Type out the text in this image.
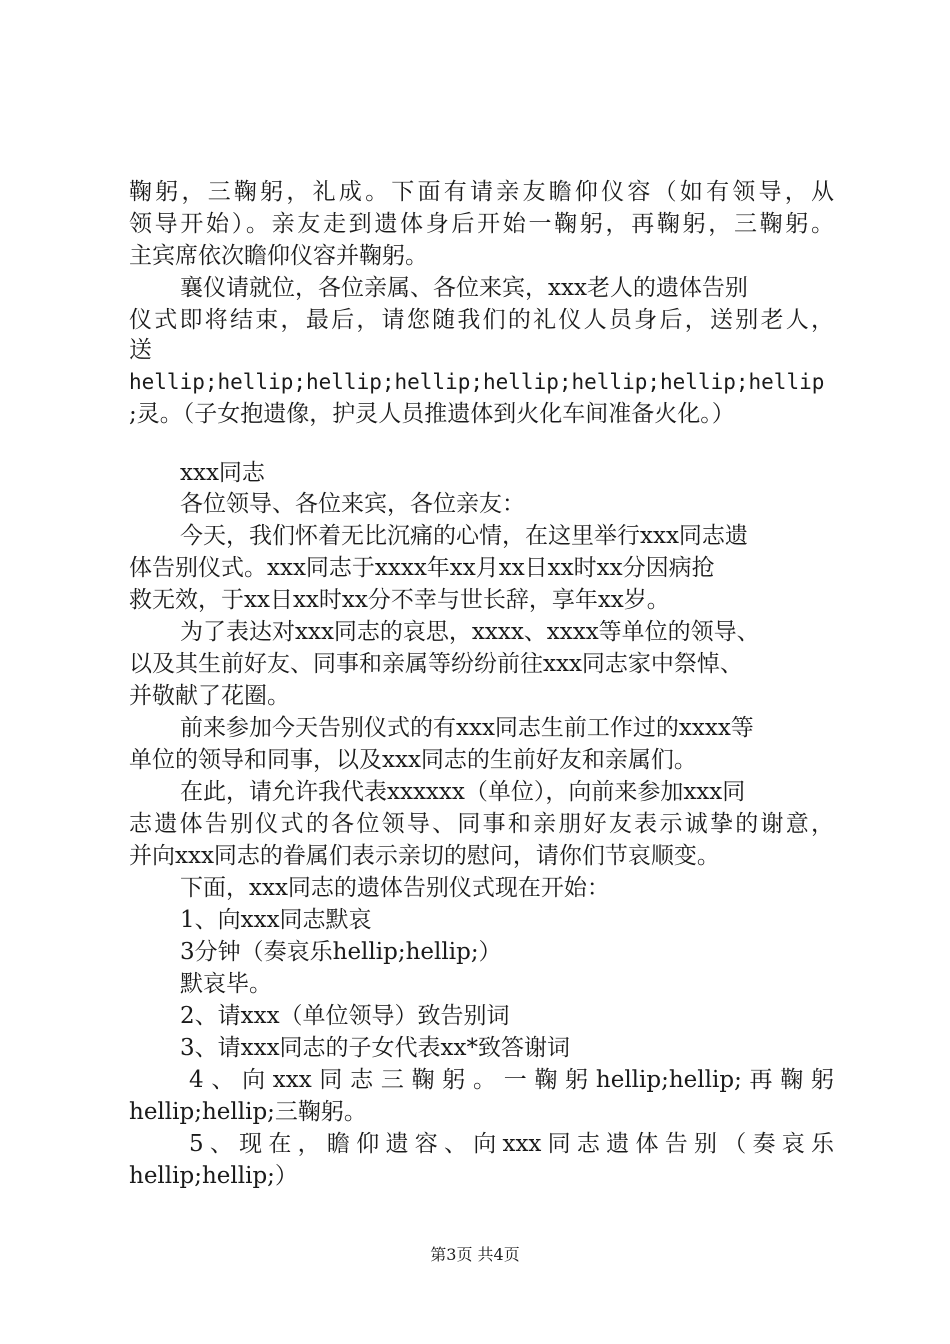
鞠躬，三鞠躬，礼成。下面有请亲友瞻仰仪容（如有领导，从
领导开始）。亲友走到遗体身后开始一鞠躬，再鞠躬，三鞠躬。
主宾席依次瞻仰仪容并鞠躬。
襄仪请就位，各位亲属、各位来宾，xxx老人的遗体告别
仪式即将结束，最后，请您随我们的礼仪人员身后，送别老人，
送
hellip;hellip;hellip;hellip;hellip;hellip;hellip;hellip
;灵。（子女抱遗像，护灵人员推遗体到火化车间准备火化。）
xxx同志
各位领导、各位来宾，各位亲友：
今天，我们怀着无比沉痛的心情，在这里举行xxx同志遗
体告别仪式。xxx同志于xxxx年xx月xx日xx时xx分因病抢
救无效，于xx日xx时xx分不幸与世长辞，享年xx岁。
为了表达对xxx同志的哀思，xxxx、xxxx等单位的领导、
以及其生前好友、同事和亲属等纷纷前往xxx同志家中祭悼、
并敬献了花圈。
前来参加今天告别仪式的有xxx同志生前工作过的xxxx等
单位的领导和同事，以及xxx同志的生前好友和亲属们。
在此，请允许我代表xxxxxx（单位），向前来参加xxx同
志遗体告别仪式的各位领导、同事和亲朋好友表示诚挚的谢意，
并向xxx同志的眷属们表示亲切的慰问，请你们节哀顺变。
下面，xxx同志的遗体告别仪式现在开始：
1、向xxx同志默哀
3分钟（奏哀乐hellip;hellip;）
默哀毕。
2、请xxx（单位领导）致告别词
3、请xxx同志的子女代表xx*致答谢词
4、向xxx同志三鞠躬。一鞠躬hellip;hellip;再鞠躬
hellip;hellip;三鞠躬。
5、现在，瞻仰遗容、向xxx同志遗体告别（奏哀乐
hellip;hellip;）
第3页 共4页
